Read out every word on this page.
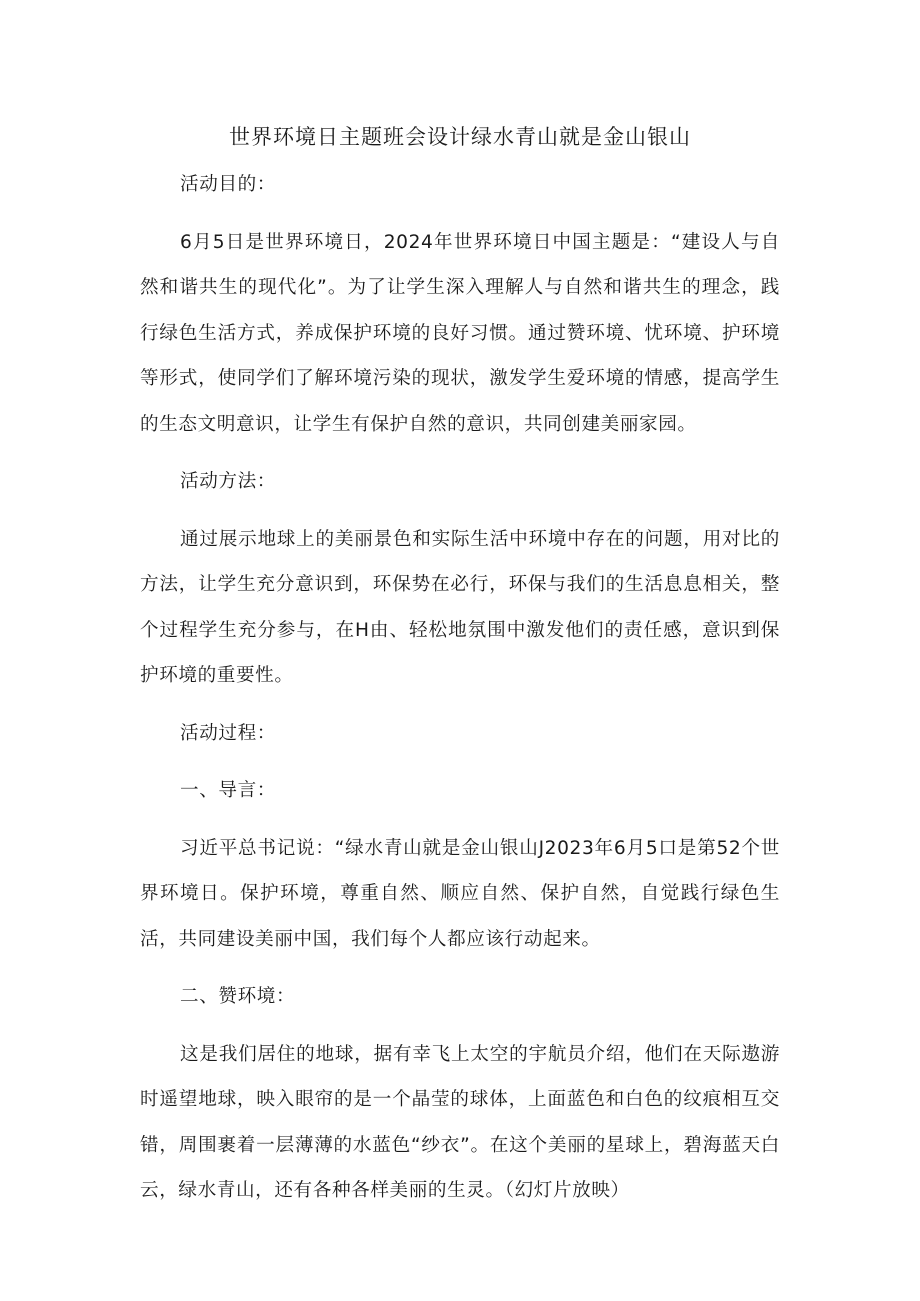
世界环境日主题班会设计绿水青山就是金山银山
活动目的：

6月5日是世界环境日，2024年世界环境日中国主题是：“建设人与自然和谐共生的现代化”。为了让学生深入理解人与自然和谐共生的理念，践行绿色生活方式，养成保护环境的良好习惯。通过赞环境、忧环境、护环境等形式，使同学们了解环境污染的现状，激发学生爱环境的情感，提高学生的生态文明意识，让学生有保护自然的意识，共同创建美丽家园。

活动方法：

通过展示地球上的美丽景色和实际生活中环境中存在的问题，用对比的方法，让学生充分意识到，环保势在必行，环保与我们的生活息息相关，整个过程学生充分参与，在H由、轻松地氛围中激发他们的责任感，意识到保护环境的重要性。

活动过程：
一、导言：

习近平总书记说：“绿水青山就是金山银山J2023年6月5口是第52个世界环境日。保护环境，尊重自然、顺应自然、保护自然，自觉践行绿色生活，共同建设美丽中国，我们每个人都应该行动起来。

二、赞环境：

这是我们居住的地球，据有幸飞上太空的宇航员介绍，他们在天际遨游时遥望地球，映入眼帘的是一个晶莹的球体，上面蓝色和白色的纹痕相互交错，周围裹着一层薄薄的水蓝色“纱衣”。在这个美丽的星球上，碧海蓝天白云，绿水青山，还有各种各样美丽的生灵。（幻灯片放映）
